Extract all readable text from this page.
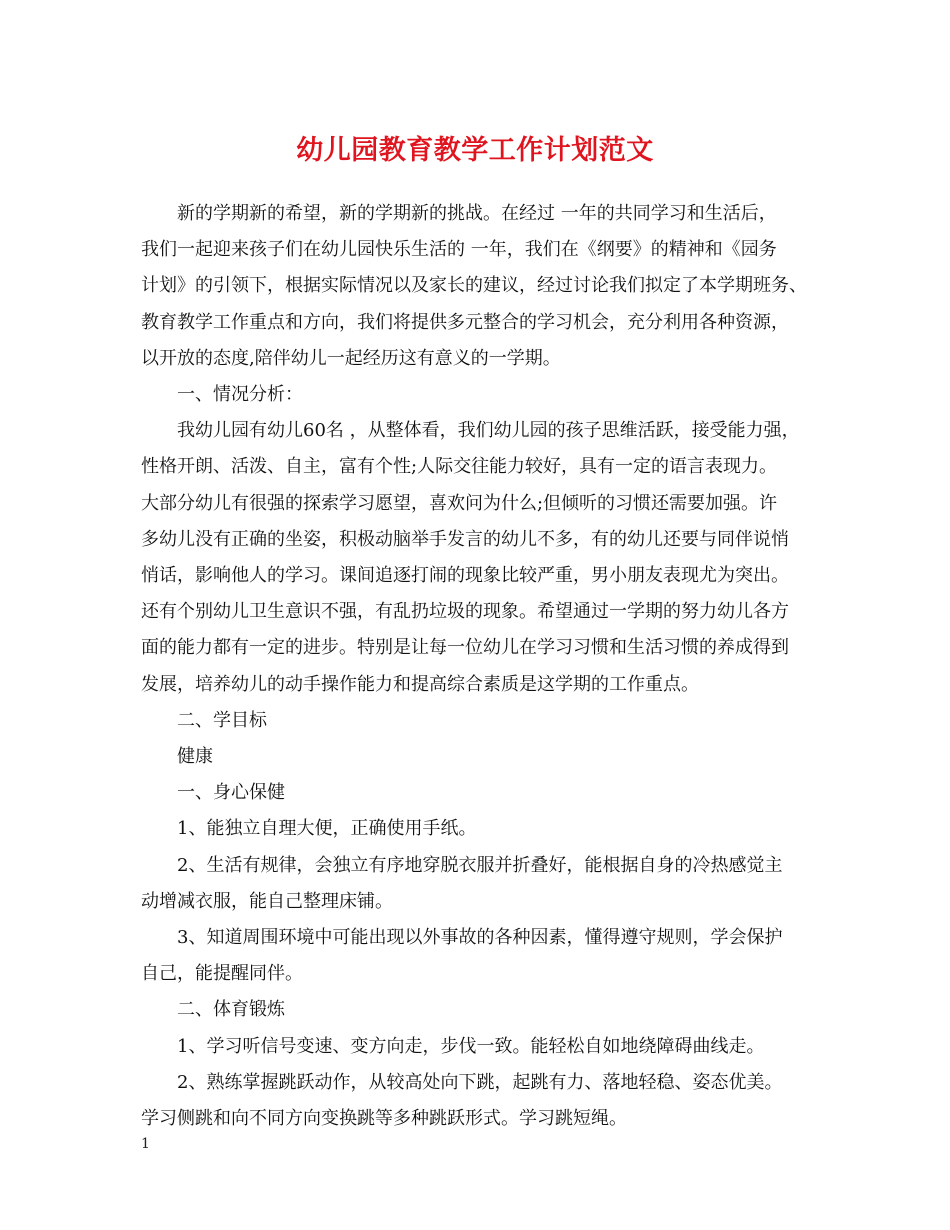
幼儿园教育教学工作计划范文
新的学期新的希望，新的学期新的挑战。在经过 一年的共同学习和生活后，
我们一起迎来孩子们在幼儿园快乐生活的 一年，我们在《纲要》的精神和《园务
计划》的引领下，根据实际情况以及家长的建议，经过讨论我们拟定了本学期班务、
教育教学工作重点和方向，我们将提供多元整合的学习机会，充分利用各种资源，
以开放的态度,陪伴幼儿一起经历这有意义的一学期。
一、情况分析：
我幼儿园有幼儿60名 ，从整体看，我们幼儿园的孩子思维活跃，接受能力强，
性格开朗、活泼、自主，富有个性;人际交往能力较好，具有一定的语言表现力。
大部分幼儿有很强的探索学习愿望，喜欢问为什么;但倾听的习惯还需要加强。许
多幼儿没有正确的坐姿，积极动脑举手发言的幼儿不多，有的幼儿还要与同伴说悄
悄话，影响他人的学习。课间追逐打闹的现象比较严重，男小朋友表现尤为突出。
还有个别幼儿卫生意识不强，有乱扔垃圾的现象。希望通过一学期的努力幼儿各方
面的能力都有一定的进步。特别是让每一位幼儿在学习习惯和生活习惯的养成得到
发展，培养幼儿的动手操作能力和提高综合素质是这学期的工作重点。
二、学目标
健康
一、身心保健
1、能独立自理大便，正确使用手纸。
2、生活有规律，会独立有序地穿脱衣服并折叠好，能根据自身的冷热感觉主
动增减衣服，能自己整理床铺。
3、知道周围环境中可能出现以外事故的各种因素，懂得遵守规则，学会保护
自己，能提醒同伴。
二、体育锻炼
1、学习听信号变速、变方向走，步伐一致。能轻松自如地绕障碍曲线走。
2、熟练掌握跳跃动作，从较高处向下跳，起跳有力、落地轻稳、姿态优美。
学习侧跳和向不同方向变换跳等多种跳跃形式。学习跳短绳。
1
